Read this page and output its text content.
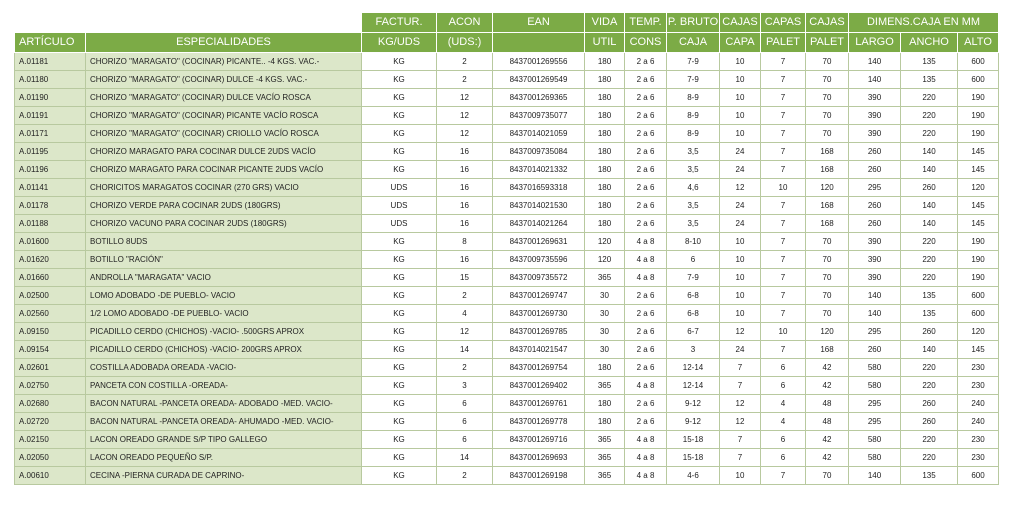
		FACTUR.	ACON	EAN	VIDA	TEMP.	P. BRUTO	CAJAS	CAPAS	CAJAS	DIMENS.CAJA EN MM		
ARTÍCULO	ESPECIALIDADES	KG/UDS	(UDS:)		UTIL	CONS	CAJA	CAPA	PALET	PALET	LARGO	ANCHO	ALTO
A.01181	CHORIZO "MARAGATO" (COCINAR) PICANTE.. -4 KGS. VAC.-	KG	2	8437001269556	180	2 a 6	7-9	10	7	70	140	135	600
A.01180	CHORIZO "MARAGATO" (COCINAR) DULCE -4 KGS. VAC.-	KG	2	8437001269549	180	2 a 6	7-9	10	7	70	140	135	600
A.01190	CHORIZO "MARAGATO" (COCINAR) DULCE VACÍO ROSCA	KG	12	8437001269365	180	2 a 6	8-9	10	7	70	390	220	190
A.01191	CHORIZO "MARAGATO" (COCINAR) PICANTE VACÍO ROSCA	KG	12	8437009735077	180	2 a 6	8-9	10	7	70	390	220	190
A.01171	CHORIZO "MARAGATO" (COCINAR) CRIOLLO VACÍO ROSCA	KG	12	8437014021059	180	2 a 6	8-9	10	7	70	390	220	190
A.01195	CHORIZO MARAGATO PARA COCINAR DULCE 2UDS VACÍO	KG	16	8437009735084	180	2 a 6	3,5	24	7	168	260	140	145
A.01196	CHORIZO MARAGATO PARA COCINAR PICANTE 2UDS VACÍO	KG	16	8437014021332	180	2 a 6	3,5	24	7	168	260	140	145
A.01141	CHORICITOS MARAGATOS COCINAR (270 GRS) VACIO	UDS	16	8437016593318	180	2 a 6	4,6	12	10	120	295	260	120
A.01178	CHORIZO VERDE PARA COCINAR 2UDS (180GRS)	UDS	16	8437014021530	180	2 a 6	3,5	24	7	168	260	140	145
A.01188	CHORIZO VACUNO PARA COCINAR 2UDS (180GRS)	UDS	16	8437014021264	180	2 a 6	3,5	24	7	168	260	140	145
A.01600	BOTILLO 8UDS	KG	8	8437001269631	120	4 a 8	8-10	10	7	70	390	220	190
A.01620	BOTILLO "RACIÓN"	KG	16	8437009735596	120	4 a 8	6	10	7	70	390	220	190
A.01660	ANDROLLA "MARAGATA" VACIO	KG	15	8437009735572	365	4 a 8	7-9	10	7	70	390	220	190
A.02500	LOMO ADOBADO -DE PUEBLO- VACIO	KG	2	8437001269747	30	2 a 6	6-8	10	7	70	140	135	600
A.02560	1/2 LOMO ADOBADO -DE PUEBLO- VACIO	KG	4	8437001269730	30	2 a 6	6-8	10	7	70	140	135	600
A.09150	PICADILLO CERDO (CHICHOS) -VACIO- .500GRS APROX	KG	12	8437001269785	30	2 a 6	6-7	12	10	120	295	260	120
A.09154	PICADILLO CERDO (CHICHOS) -VACIO- 200GRS APROX	KG	14	8437014021547	30	2 a 6	3	24	7	168	260	140	145
A.02601	COSTILLA ADOBADA OREADA -VACIO-	KG	2	8437001269754	180	2 a 6	12-14	7	6	42	580	220	230
A.02750	PANCETA CON COSTILLA -OREADA-	KG	3	8437001269402	365	4 a 8	12-14	7	6	42	580	220	230
A.02680	BACON NATURAL -PANCETA OREADA- ADOBADO -MED. VACIO-	KG	6	8437001269761	180	2 a 6	9-12	12	4	48	295	260	240
A.02720	BACON NATURAL -PANCETA OREADA- AHUMADO -MED. VACIO-	KG	6	8437001269778	180	2 a 6	9-12	12	4	48	295	260	240
A.02150	LACON OREADO GRANDE S/P TIPO GALLEGO	KG	6	8437001269716	365	4 a 8	15-18	7	6	42	580	220	230
A.02050	LACON OREADO PEQUEÑO S/P.	KG	14	8437001269693	365	4 a 8	15-18	7	6	42	580	220	230
A.00610	CECINA -PIERNA CURADA DE CAPRINO-	KG	2	8437001269198	365	4 a 8	4-6	10	7	70	140	135	600
